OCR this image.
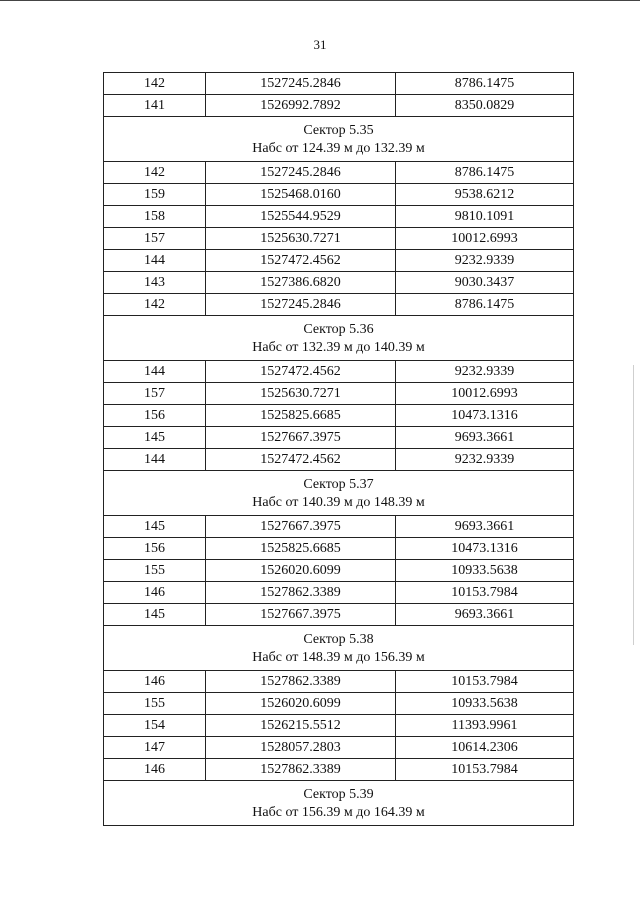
31
142	1527245.2846	8786.1475
141	1526992.7892	8350.0829

Сектор 5.35
Набс от 124.39 м до 132.39 м		

142	1527245.2846	8786.1475
159	1525468.0160	9538.6212
158	1525544.9529	9810.1091
157	1525630.7271	10012.6993
144	1527472.4562	9232.9339
143	1527386.6820	9030.3437
142	1527245.2846	8786.1475

Сектор 5.36
Набс от 132.39 м до 140.39 м		

144	1527472.4562	9232.9339
157	1525630.7271	10012.6993
156	1525825.6685	10473.1316
145	1527667.3975	9693.3661
144	1527472.4562	9232.9339

Сектор 5.37
Набс от 140.39 м до 148.39 м		

145	1527667.3975	9693.3661
156	1525825.6685	10473.1316
155	1526020.6099	10933.5638
146	1527862.3389	10153.7984
145	1527667.3975	9693.3661

Сектор 5.38
Набс от 148.39 м до 156.39 м		

146	1527862.3389	10153.7984
155	1526020.6099	10933.5638
154	1526215.5512	11393.9961
147	1528057.2803	10614.2306
146	1527862.3389	10153.7984

Сектор 5.39
Набс от 156.39 м до 164.39 м		
